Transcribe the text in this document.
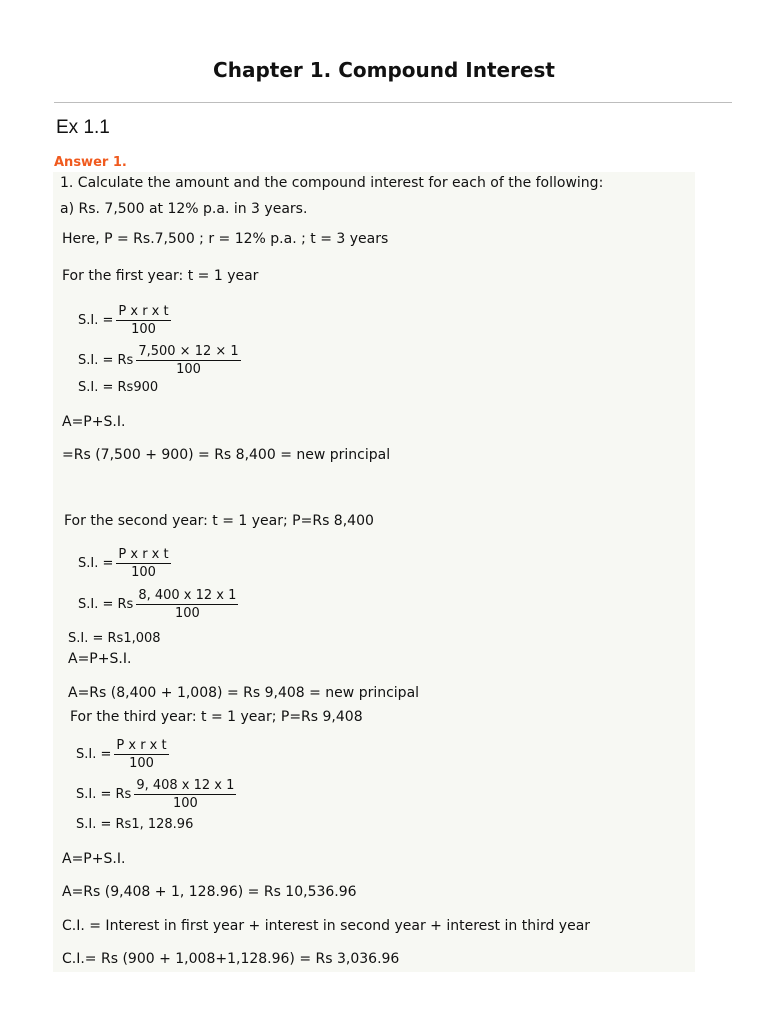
Chapter 1. Compound Interest
Ex 1.1
Answer 1.
1. Calculate the amount and the compound interest for each of the following:
a) Rs. 7,500 at 12% p.a. in 3 years.
Here, P = Rs.7,500 ; r = 12% p.a. ; t = 3 years
For the first year: t = 1 year
S.I. = $\frac{\text{P x r x t}}{100}$
S.I. = Rs $\frac{7,500 \times 12 \times 1}{100}$
S.I. = Rs900
A=P+S.I.
=Rs (7,500 + 900) = Rs 8,400 = new principal
For the second year: t = 1 year; P=Rs 8,400
S.I. = $\frac{\text{P x r x t}}{100}$
S.I. = Rs $\frac{8, 400 x 12 x 1}{100}$
S.I. = Rs1,008
A=P+S.I.
A=Rs (8,400 + 1,008) = Rs 9,408 = new principal
For the third year: t = 1 year; P=Rs 9,408
S.I. = $\frac{\text{P x r x t}}{100}$
S.I. = Rs $\frac{9, 408 x 12 x 1}{100}$
S.I. = Rs1, 128.96
A=P+S.I.
A=Rs (9,408 + 1, 128.96) = Rs 10,536.96
C.I. = Interest in first year + interest in second year + interest in third year
C.I.= Rs (900 + 1,008+1,128.96) = Rs 3,036.96
